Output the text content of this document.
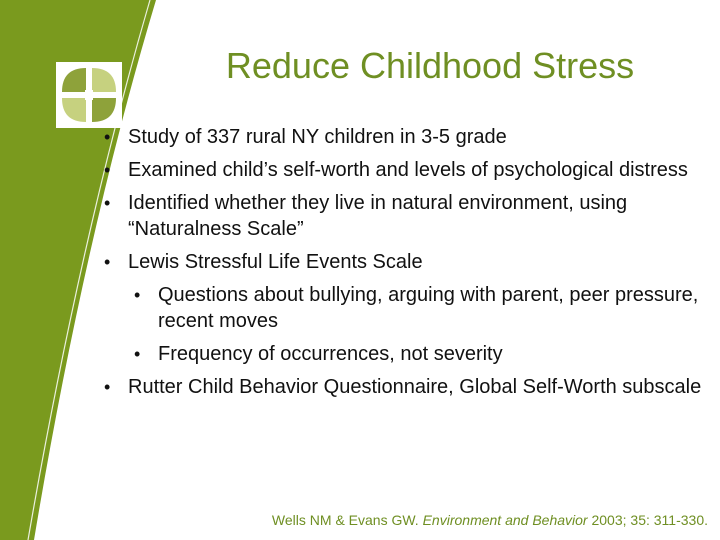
Reduce Childhood Stress
• Study of 337 rural NY children in 3-5 grade
• Examined child’s self-worth and levels of psychological distress
• Identified whether they live in natural environment, using “Naturalness Scale”
• Lewis Stressful Life Events Scale
• Questions about bullying, arguing with parent, peer pressure, recent moves
• Frequency of occurrences, not severity
• Rutter Child Behavior Questionnaire, Global Self-Worth subscale
Wells NM & Evans GW. Environment and Behavior 2003; 35: 311-330.
